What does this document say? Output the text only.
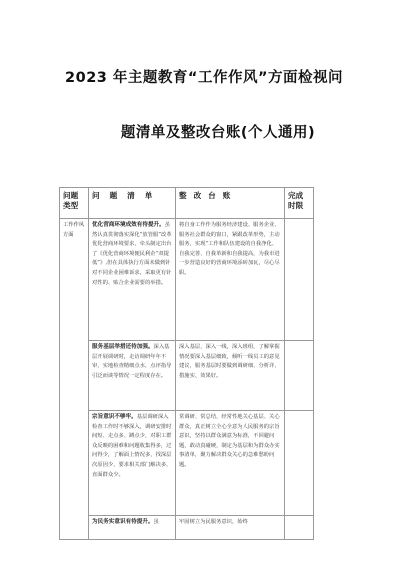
2023 年主题教育“工作作风”方面检视问
题清单及整改台账(个人通用)
问题类型	问题清单	整改台账	完成时限
工作作风方面	优化营商环境成效有待提升。虽然认真贯彻落实深化“放管服”改革优化营商环境要求，牵头制定出台了《优化营商环境便民利企“双提低”》,但在具体执行方面未做到针对不同企业困难诉求，采取更有针对性的、贴合企业需要的举措。	将自身工作作为服务经济建设、服务企业、服务社会群众的窗口，紧跟改革形势，主动服务，实现“工作和队伍建设的自我净化、自我完善、自我革新和自我提高，为我市进一步营造良好的营商环境添砖加瓦，尽心尽职。	
	服务基层举措还待加强。深入基层开展调研时，走访调研年年不审，实地检查精细点水，点评指导引泛而谈等情况一定程度存在。	深入基层，深入一线，深入班组，了解掌握情况要深入基层细致，倾听一线员工的意见建议，服务基层时要做到调研细、分析详、措施实、效果好。	
	宗旨意识不够牢。基层调研深入检查工作时不够深入，调研安排时间短、走点多、蹲点少，对职工群众反映的困难和问题收集得多，过问得少，了解面上情况多，找深层次原因少，要求相关部门解决多，直面群众少。	常调研、常总结，经常性地关心基层、关心群众，真正树立全心全意为人民服务的宗旨意识，坚持以群众满意为标准，不回避问题，敢动真碰硬，制定为基层和为群众办实事清单，聚力解决群众关心的急难愁盼问题。	
	为民务实意识有待提升。虽	牢固树立为民服务意识，始终	
